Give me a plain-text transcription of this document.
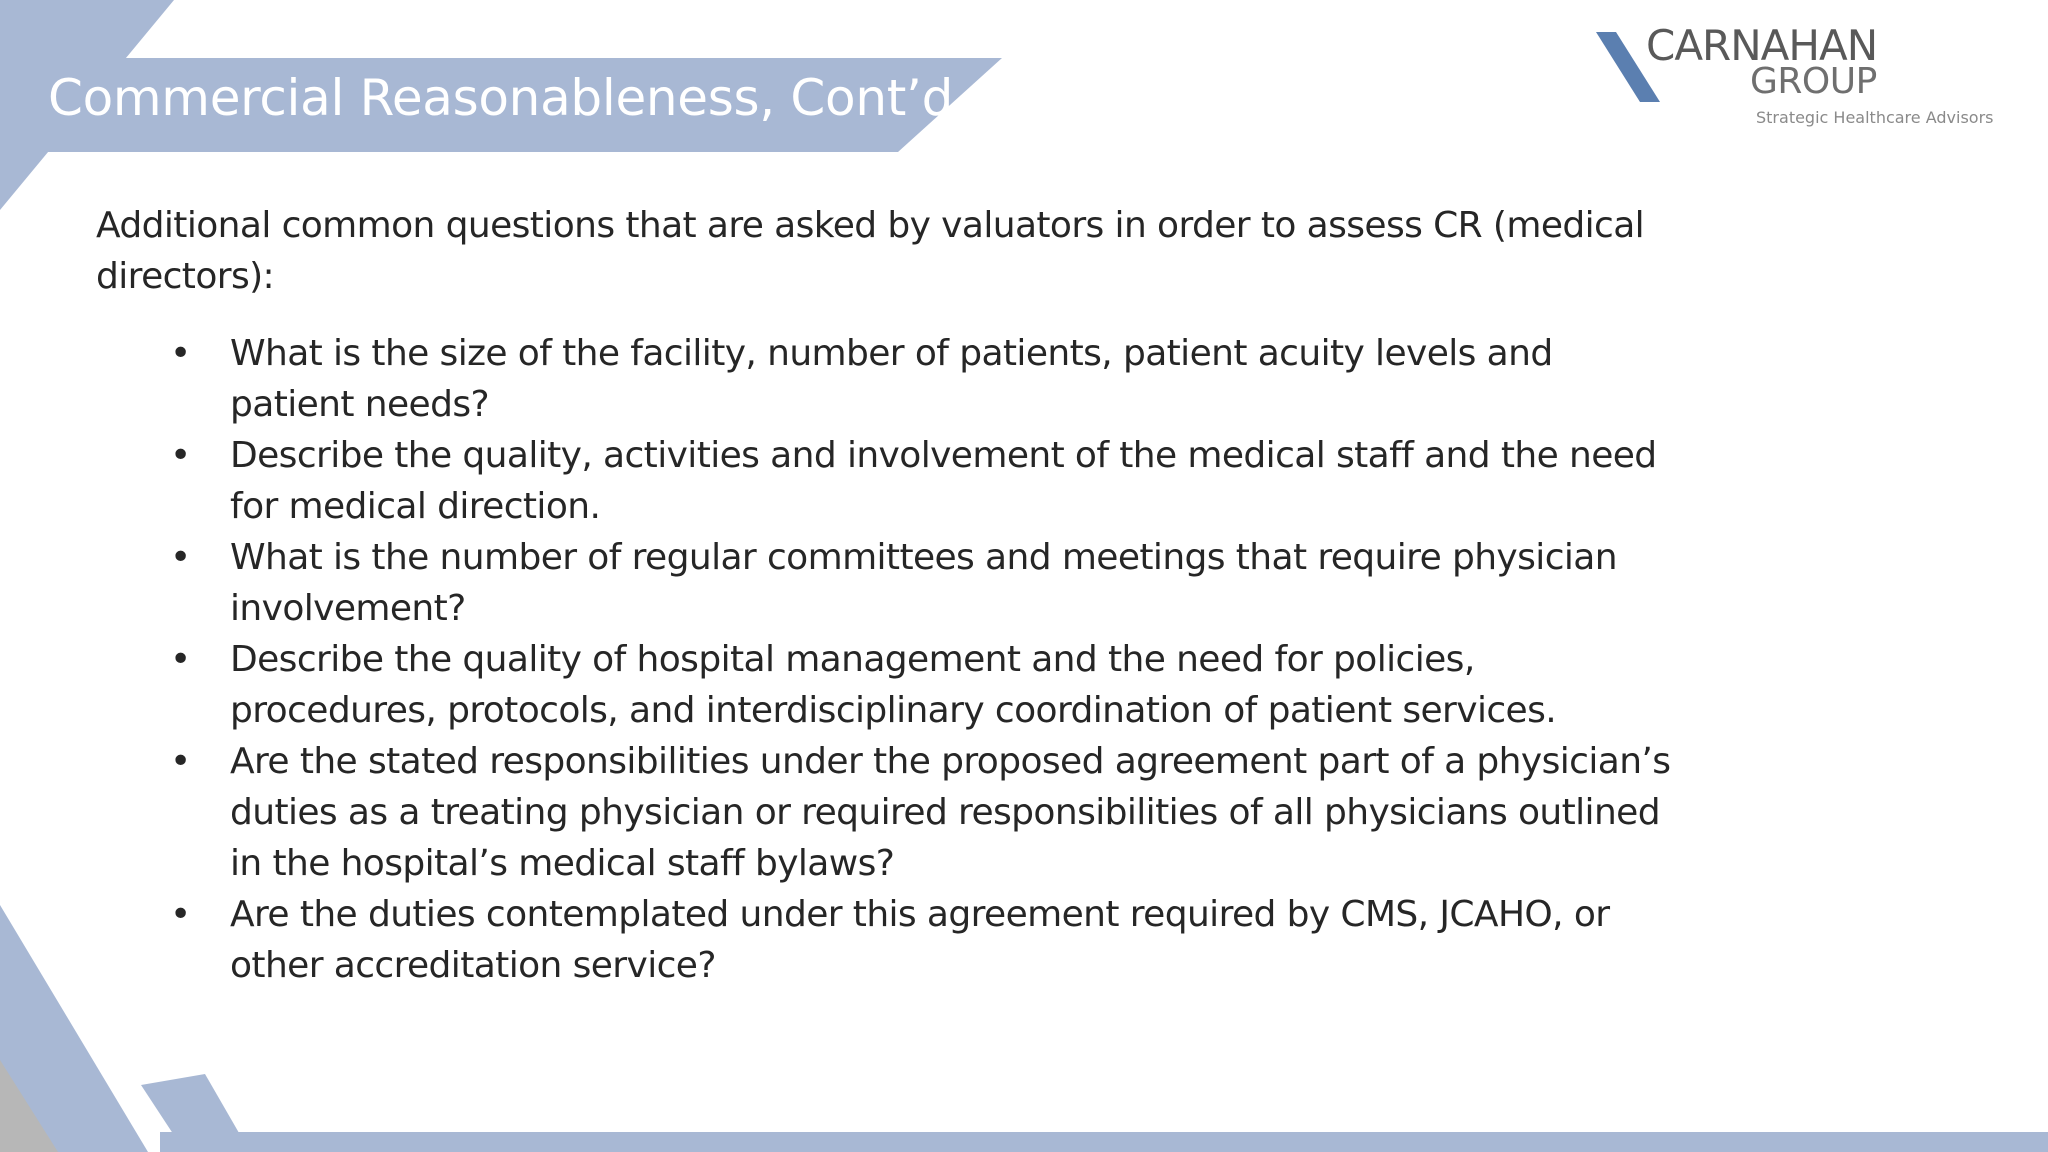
Commercial Reasonableness, Cont’d
CARNAHAN
GROUP
Strategic Healthcare Advisors

Additional common questions that are asked by valuators in order to assess CR (medical directors):

•	What is the size of the facility, number of patients, patient acuity levels and patient needs?
•	Describe the quality, activities and involvement of the medical staff and the need for medical direction.
•	What is the number of regular committees and meetings that require physician involvement?
•	Describe the quality of hospital management and the need for policies, procedures, protocols, and interdisciplinary coordination of patient services.
•	Are the stated responsibilities under the proposed agreement part of a physician’s duties as a treating physician or required responsibilities of all physicians outlined in the hospital’s medical staff bylaws?
•	Are the duties contemplated under this agreement required by CMS, JCAHO, or other accreditation service?
